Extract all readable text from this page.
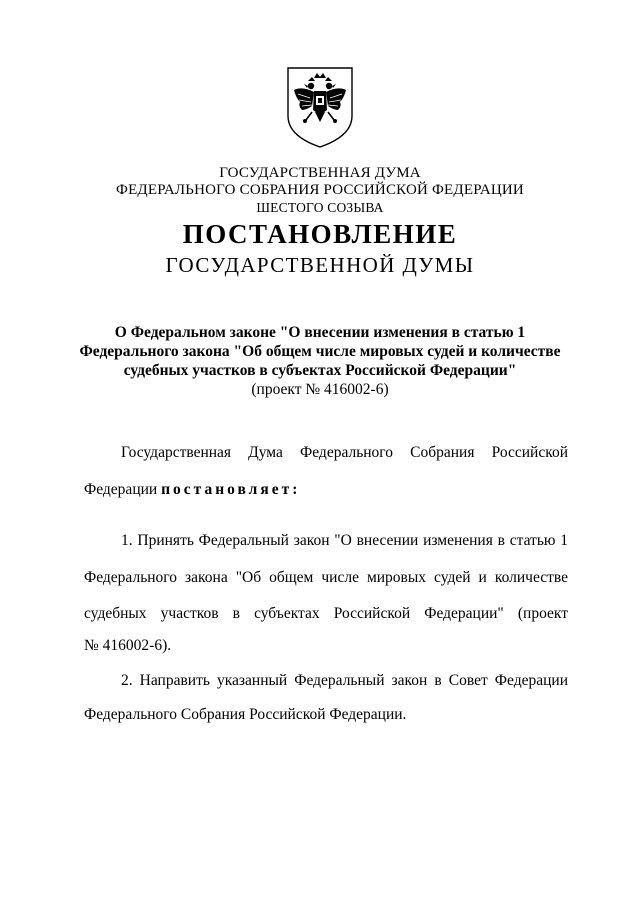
ГОСУДАРСТВЕННАЯ ДУМА
ФЕДЕРАЛЬНОГО СОБРАНИЯ РОССИЙСКОЙ ФЕДЕРАЦИИ
ШЕСТОГО СОЗЫВА
ПОСТАНОВЛЕНИЕ
ГОСУДАРСТВЕННОЙ ДУМЫ
О Федеральном законе "О внесении изменения в статью 1
Федерального закона "Об общем числе мировых судей и количестве
судебных участков в субъектах Российской Федерации"
(проект № 416002-6)
Государственная Дума Федерального Собрания Российской
Федерации постановляет:
1. Принять Федеральный закон "О внесении изменения в статью 1
Федерального закона "Об общем числе мировых судей и количестве
судебных участков в субъектах Российской Федерации" (проект
№ 416002-6).
2. Направить указанный Федеральный закон в Совет Федерации
Федерального Собрания Российской Федерации.
